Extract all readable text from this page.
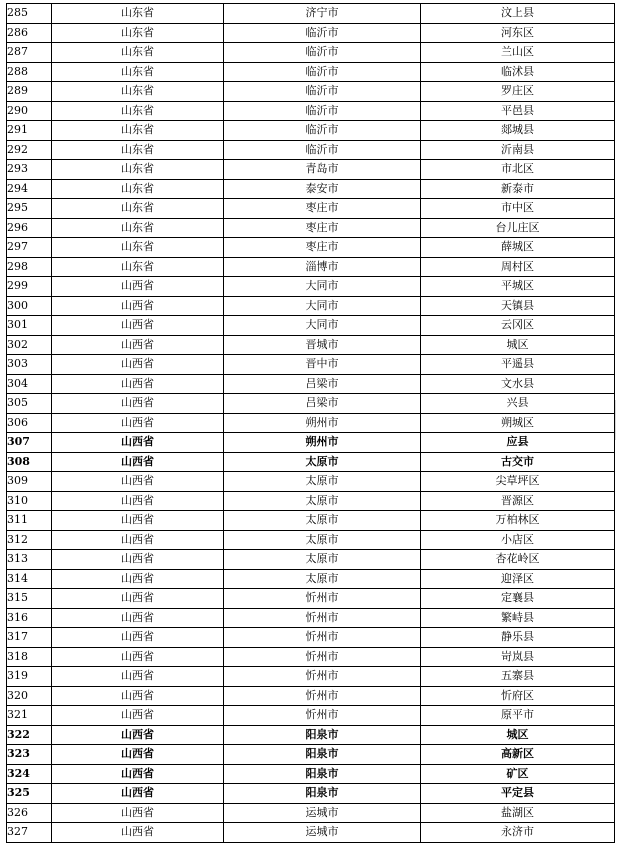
285	山东省	济宁市	汶上县
286	山东省	临沂市	河东区
287	山东省	临沂市	兰山区
288	山东省	临沂市	临沭县
289	山东省	临沂市	罗庄区
290	山东省	临沂市	平邑县
291	山东省	临沂市	郯城县
292	山东省	临沂市	沂南县
293	山东省	青岛市	市北区
294	山东省	泰安市	新泰市
295	山东省	枣庄市	市中区
296	山东省	枣庄市	台儿庄区
297	山东省	枣庄市	薛城区
298	山东省	淄博市	周村区
299	山西省	大同市	平城区
300	山西省	大同市	天镇县
301	山西省	大同市	云冈区
302	山西省	晋城市	城区
303	山西省	晋中市	平遥县
304	山西省	吕梁市	文水县
305	山西省	吕梁市	兴县
306	山西省	朔州市	朔城区
307	山西省	朔州市	应县
308	山西省	太原市	古交市
309	山西省	太原市	尖草坪区
310	山西省	太原市	晋源区
311	山西省	太原市	万柏林区
312	山西省	太原市	小店区
313	山西省	太原市	杏花岭区
314	山西省	太原市	迎泽区
315	山西省	忻州市	定襄县
316	山西省	忻州市	繁峙县
317	山西省	忻州市	静乐县
318	山西省	忻州市	岢岚县
319	山西省	忻州市	五寨县
320	山西省	忻州市	忻府区
321	山西省	忻州市	原平市
322	山西省	阳泉市	城区
323	山西省	阳泉市	高新区
324	山西省	阳泉市	矿区
325	山西省	阳泉市	平定县
326	山西省	运城市	盐湖区
327	山西省	运城市	永济市
